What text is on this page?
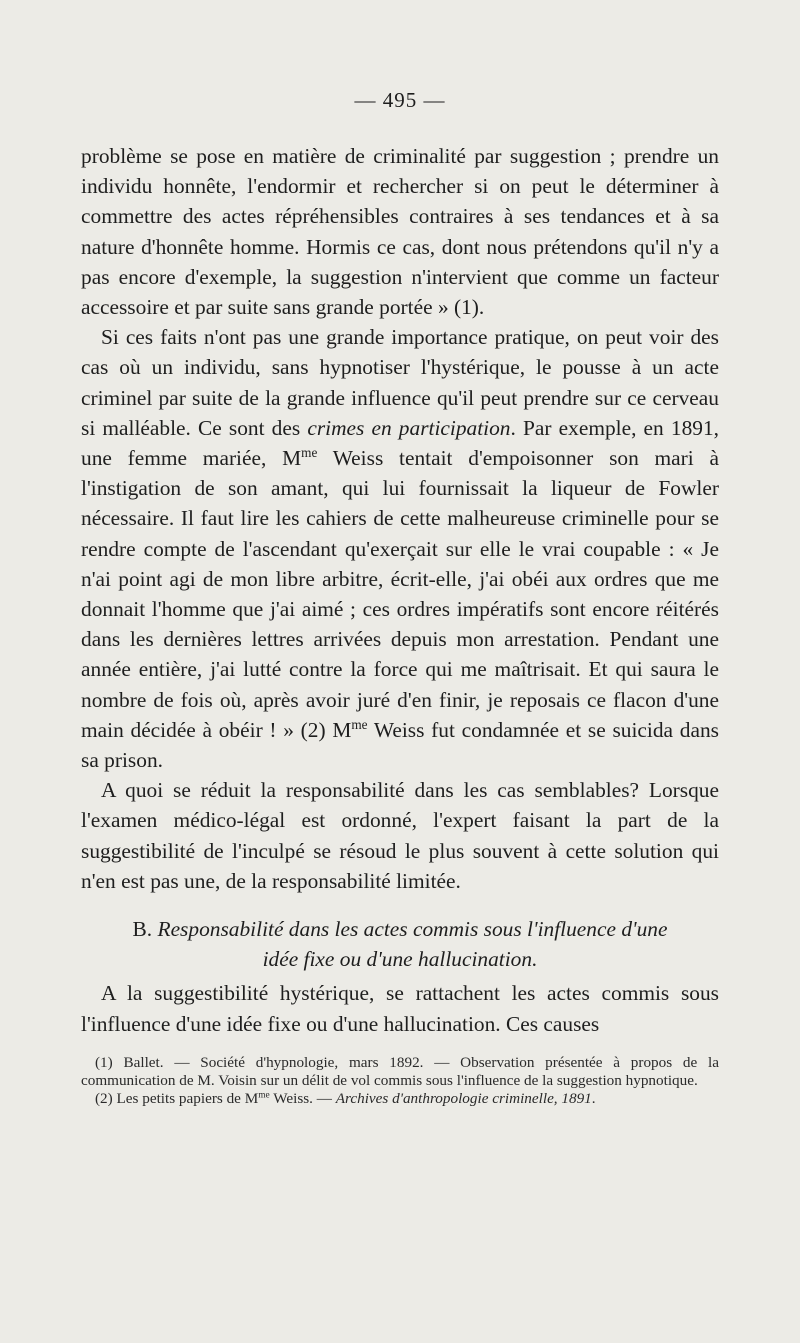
— 495 —

problème se pose en matière de criminalité par suggestion ; prendre un individu honnête, l'endormir et rechercher si on peut le déterminer à commettre des actes répréhensibles contraires à ses tendances et à sa nature d'honnête homme. Hormis ce cas, dont nous prétendons qu'il n'y a pas encore d'exemple, la suggestion n'intervient que comme un facteur accessoire et par suite sans grande portée » (1).

Si ces faits n'ont pas une grande importance pratique, on peut voir des cas où un individu, sans hypnotiser l'hystérique, le pousse à un acte criminel par suite de la grande influence qu'il peut prendre sur ce cerveau si malléable. Ce sont des crimes en participation. Par exemple, en 1891, une femme mariée, $M^{me}$ Weiss tentait d'empoisonner son mari à l'instigation de son amant, qui lui fournissait la liqueur de Fowler nécessaire. Il faut lire les cahiers de cette malheureuse criminelle pour se rendre compte de l'ascendant qu'exerçait sur elle le vrai coupable : « Je n'ai point agi de mon libre arbitre, écrit-elle, j'ai obéi aux ordres que me donnait l'homme que j'ai aimé ; ces ordres impératifs sont encore réitérés dans les dernières lettres arrivées depuis mon arrestation. Pendant une année entière, j'ai lutté contre la force qui me maîtrisait. Et qui saura le nombre de fois où, après avoir juré d'en finir, je reposais ce flacon d'une main décidée à obéir ! » (2) $M^{me}$ Weiss fut condamnée et se suicida dans sa prison.

A quoi se réduit la responsabilité dans les cas semblables? Lorsque l'examen médico-légal est ordonné, l'expert faisant la part de la suggestibilité de l'inculpé se résoud le plus souvent à cette solution qui n'en est pas une, de la responsabilité limitée.

B. Responsabilité dans les actes commis sous l'influence d'une
idée fixe ou d'une hallucination.

A la suggestibilité hystérique, se rattachent les actes commis sous l'influence d'une idée fixe ou d'une hallucination. Ces causes

(1) Ballet. — Société d'hypnologie, mars 1892. — Observation présentée à propos de la communication de M. Voisin sur un délit de vol commis sous l'influence de la suggestion hypnotique.

(2) Les petits papiers de $M^{me}$ Weiss. — Archives d'anthropologie criminelle, 1891.
